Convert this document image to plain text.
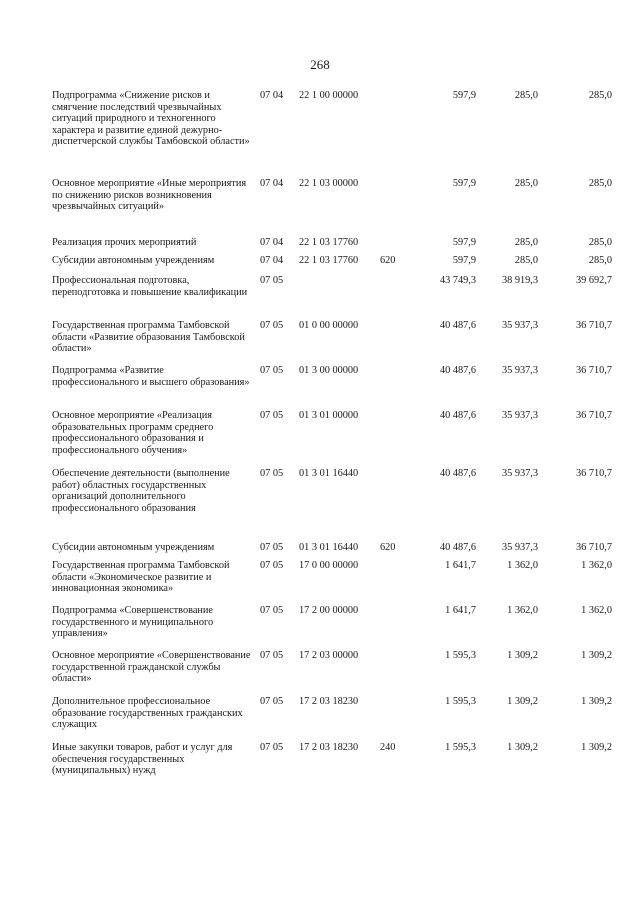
268
Подпрограмма «Снижение рисков и смягчение последствий чрезвычайных ситуаций природного и техногенного характера и развитие единой дежурно-диспетчерской службы Тамбовской области»
07 04 22 1 00 00000	597,9	285,0	285,0
Основное мероприятие «Иные мероприятия по снижению рисков возникновения чрезвычайных ситуаций»
07 04 22 1 03 00000	597,9	285,0	285,0
Реализация прочих мероприятий	07 04 22 1 03 17760	597,9	285,0	285,0
Субсидии автономным учреждениям	07 04 22 1 03 17760 620	597,9	285,0	285,0
Профессиональная подготовка, переподготовка и повышение квалификации
07 05	43 749,3	38 919,3	39 692,7
Государственная программа Тамбовской области «Развитие образования Тамбовской области»
07 05 01 0 00 00000	40 487,6	35 937,3	36 710,7
Подпрограмма «Развитие профессионального и высшего образования»
07 05 01 3 00 00000	40 487,6	35 937,3	36 710,7
Основное мероприятие «Реализация образовательных программ среднего профессионального образования и профессионального обучения»
07 05 01 3 01 00000	40 487,6	35 937,3	36 710,7
Обеспечение деятельности (выполнение работ) областных государственных организаций дополнительного профессионального образования
07 05 01 3 01 16440	40 487,6	35 937,3	36 710,7
Субсидии автономным учреждениям	07 05 01 3 01 16440 620	40 487,6	35 937,3	36 710,7
Государственная программа Тамбовской области «Экономическое развитие и инновационная экономика»
07 05 17 0 00 00000	1 641,7	1 362,0	1 362,0
Подпрограмма «Совершенствование государственного и муниципального управления»
07 05 17 2 00 00000	1 641,7	1 362,0	1 362,0
Основное мероприятие «Совершенствование государственной гражданской службы области»
07 05 17 2 03 00000	1 595,3	1 309,2	1 309,2
Дополнительное профессиональное образование государственных гражданских служащих
07 05 17 2 03 18230	1 595,3	1 309,2	1 309,2
Иные закупки товаров, работ и услуг для обеспечения государственных (муниципальных) нужд
07 05 17 2 03 18230 240	1 595,3	1 309,2	1 309,2
